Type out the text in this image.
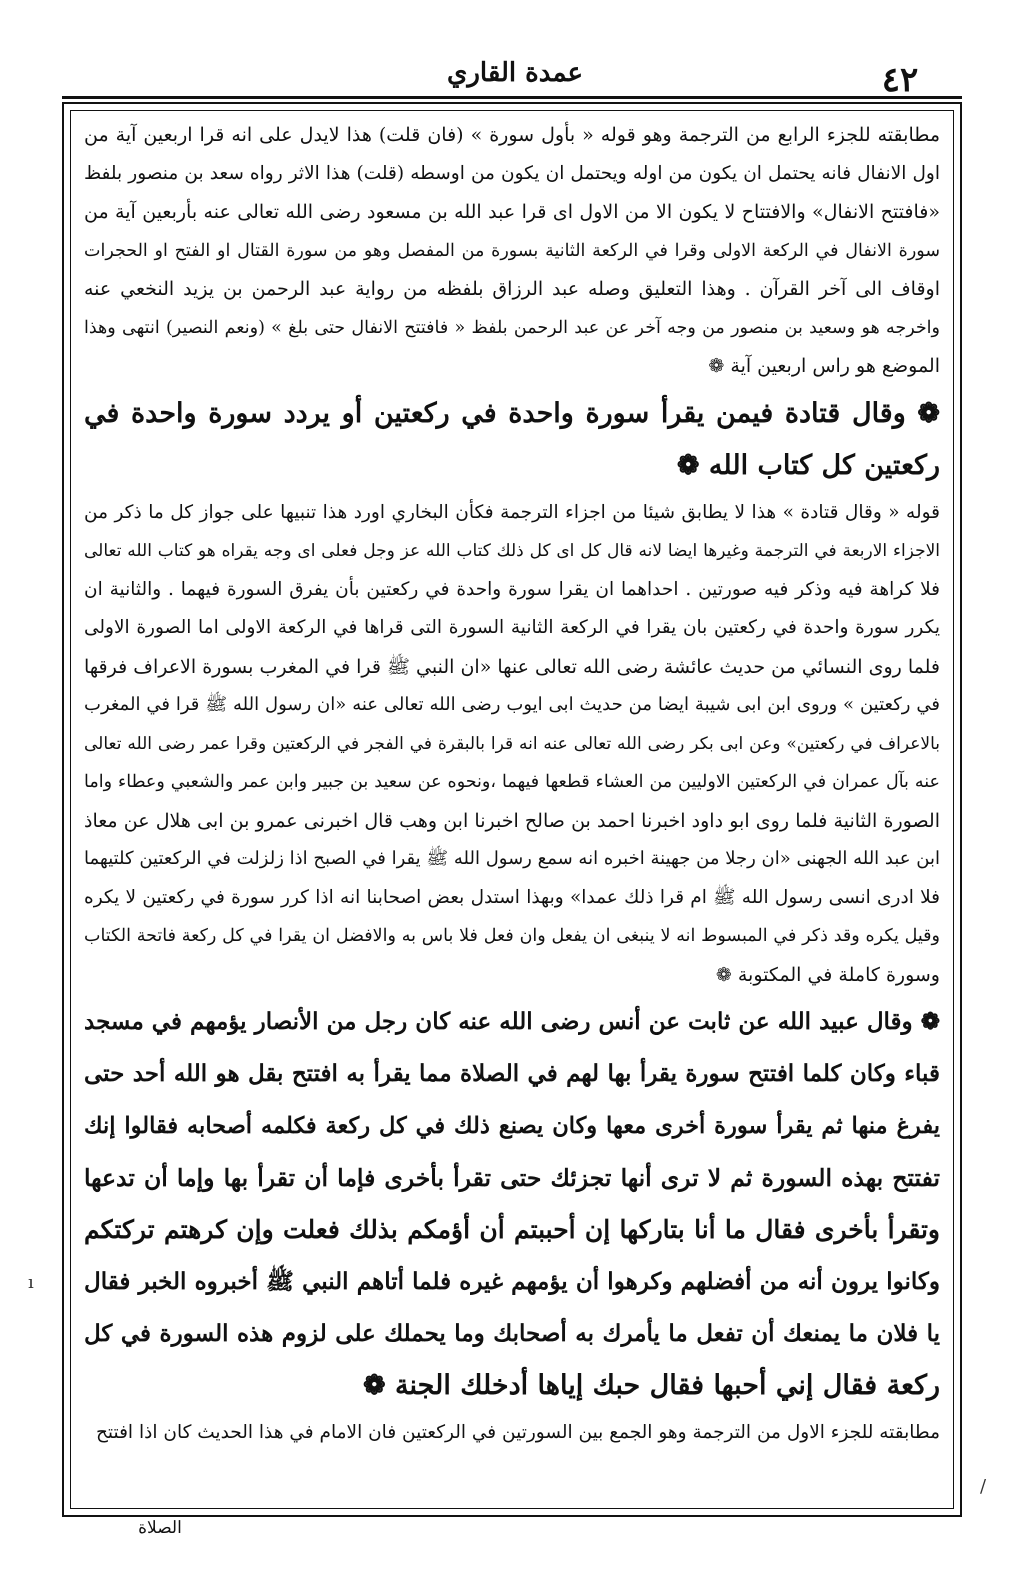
عمدة القاري	٤٢
مطابقته للجزء الرابع من الترجمة وهو قوله « بأول سورة » (فان قلت) هذا لايدل على انه قرا اربعين آية من
اول الانفال فانه يحتمل ان يكون من اوله ويحتمل ان يكون من اوسطه (قلت) هذا الاثر رواه سعد بن منصور بلفظ
«فافتتح الانفال» والافتتاح لا يكون الا من الاول اى قرا عبد الله بن مسعود رضى الله تعالى عنه بأربعين آية من
سورة الانفال في الركعة الاولى وقرا في الركعة الثانية بسورة من المفصل وهو من سورة القتال او الفتح او الحجرات
اوقاف الى آخر القرآن . وهذا التعليق وصله عبد الرزاق بلفظه من رواية عبد الرحمن بن يزيد النخعي عنه
واخرجه هو وسعيد بن منصور من وجه آخر عن عبد الرحمن بلفظ « فافتتح الانفال حتى بلغ » (ونعم النصير) انتهى وهذا
الموضع هو راس اربعين آية ❁
❁ وقال قتادة فيمن يقرأ سورة واحدة في ركعتين أو يردد سورة واحدة في
ركعتين كل كتاب الله ❁
قوله « وقال قتادة » هذا لا يطابق شيئا من اجزاء الترجمة فكأن البخاري اورد هذا تنبيها على جواز كل ما ذكر من
الاجزاء الاربعة في الترجمة وغيرها ايضا لانه قال كل اى كل ذلك كتاب الله عز وجل فعلى اى وجه يقراه هو كتاب الله تعالى
فلا كراهة فيه وذكر فيه صورتين . احداهما ان يقرا سورة واحدة في ركعتين بأن يفرق السورة فيهما . والثانية ان
يكرر سورة واحدة في ركعتين بان يقرا في الركعة الثانية السورة التى قراها في الركعة الاولى اما الصورة الاولى
فلما روى النسائي من حديث عائشة رضى الله تعالى عنها «ان النبي ﷺ قرا في المغرب بسورة الاعراف فرقها
في ركعتين » وروى ابن ابى شيبة ايضا من حديث ابى ايوب رضى الله تعالى عنه «ان رسول الله ﷺ قرا في المغرب
بالاعراف في ركعتين» وعن ابى بكر رضى الله تعالى عنه انه قرا بالبقرة في الفجر في الركعتين وقرا عمر رضى الله تعالى
عنه بآل عمران في الركعتين الاوليين من العشاء قطعها فيهما ،ونحوه عن سعيد بن جبير وابن عمر والشعبي وعطاء واما
الصورة الثانية فلما روى ابو داود اخبرنا احمد بن صالح اخبرنا ابن وهب قال اخبرنى عمرو بن ابى هلال عن معاذ
ابن عبد الله الجهنى «ان رجلا من جهينة اخبره انه سمع رسول الله ﷺ يقرا في الصبح اذا زلزلت في الركعتين كلتيهما
فلا ادرى انسى رسول الله ﷺ ام قرا ذلك عمدا» وبهذا استدل بعض اصحابنا انه اذا كرر سورة في ركعتين لا يكره
وقيل يكره وقد ذكر في المبسوط انه لا ينبغى ان يفعل وان فعل فلا باس به والافضل ان يقرا في كل ركعة فاتحة الكتاب
وسورة كاملة في المكتوبة ❁
❁ وقال عبيد الله عن ثابت عن أنس رضى الله عنه كان رجل من الأنصار يؤمهم في مسجد
قباء وكان كلما افتتح سورة يقرأ بها لهم في الصلاة مما يقرأ به افتتح بقل هو الله أحد حتى
يفرغ منها ثم يقرأ سورة أخرى معها وكان يصنع ذلك في كل ركعة فكلمه أصحابه فقالوا إنك
تفتتح بهذه السورة ثم لا ترى أنها تجزئك حتى تقرأ بأخرى فإما أن تقرأ بها وإما أن تدعها
وتقرأ بأخرى فقال ما أنا بتاركها إن أحببتم أن أؤمكم بذلك فعلت وإن كرهتم تركتكم
وكانوا يرون أنه من أفضلهم وكرهوا أن يؤمهم غيره فلما أتاهم النبي ﷺ أخبروه الخبر فقال
يا فلان ما يمنعك أن تفعل ما يأمرك به أصحابك وما يحملك على لزوم هذه السورة في كل
ركعة فقال إني أحبها فقال حبك إياها أدخلك الجنة ❁
مطابقته للجزء الاول من الترجمة وهو الجمع بين السورتين في الركعتين فان الامام في هذا الحديث كان اذا افتتح
الصلاة
ı
/
